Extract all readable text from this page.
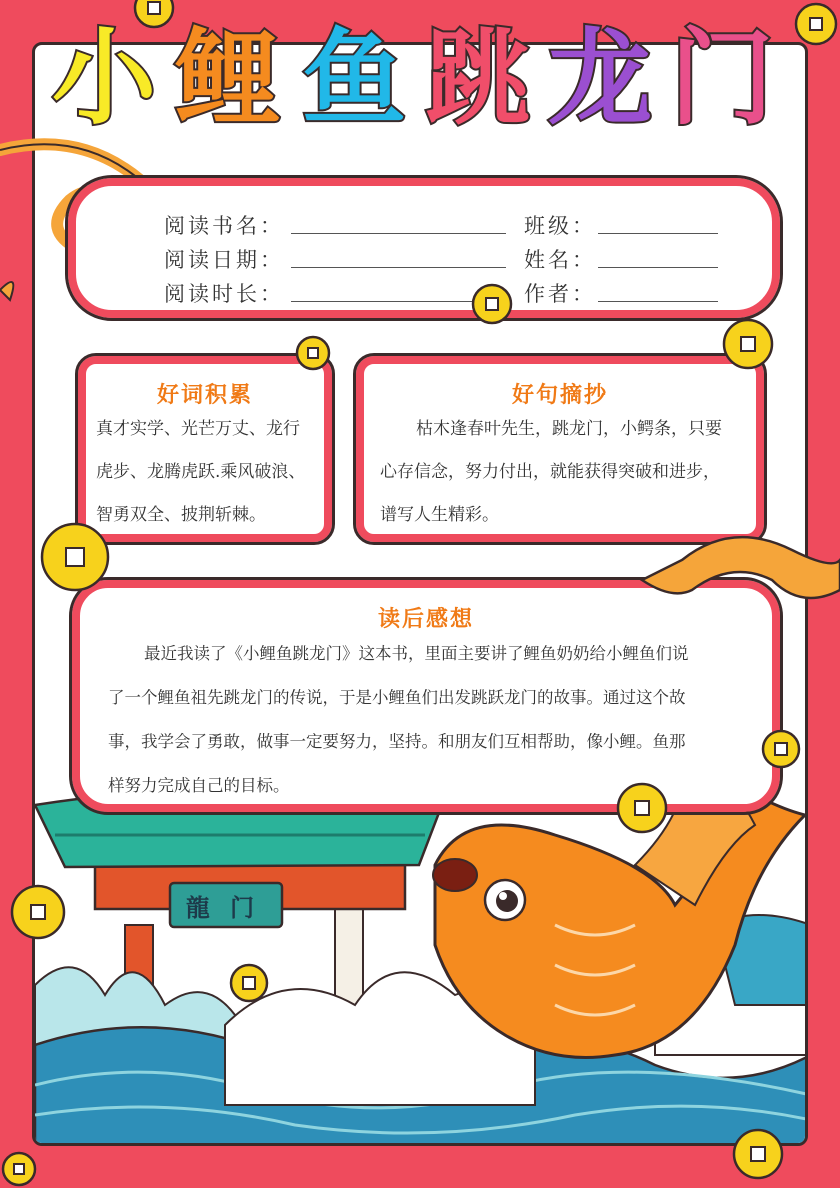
小 鲤 鱼 跳 龙 门
阅读书名：
阅读日期：
阅读时长：
班级：
姓名：
作者：
好词积累
真才实学、光芒万丈、龙行
虎步、龙腾虎跃.乘风破浪、
智勇双全、披荆斩棘。
好句摘抄
枯木逢春叶先生，跳龙门，小鳄条，只要
心存信念，努力付出，就能获得突破和进步，
谱写人生精彩。
读后感想
最近我读了《小鲤鱼跳龙门》这本书，里面主要讲了鲤鱼奶奶给小鲤鱼们说
了一个鲤鱼祖先跳龙门的传说，于是小鲤鱼们出发跳跃龙门的故事。通过这个故
事，我学会了勇敢，做事一定要努力，坚持。和朋友们互相帮助，像小鲤。鱼那
样努力完成自己的目标。
龍 门
